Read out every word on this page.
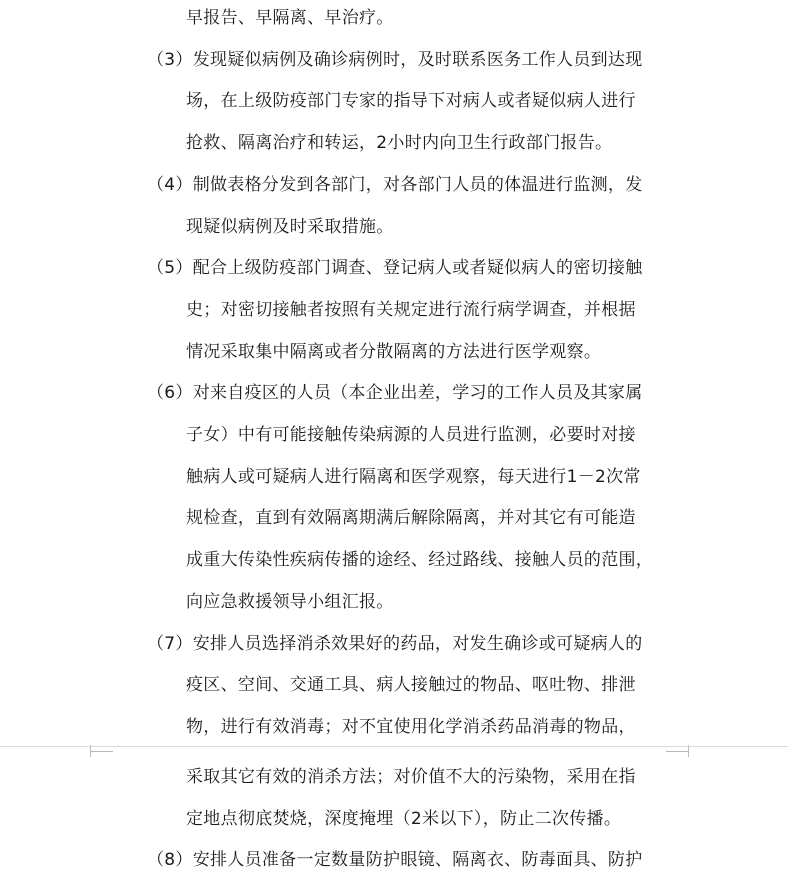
早报告、早隔离、早治疗。
（3）发现疑似病例及确诊病例时，及时联系医务工作人员到达现
场，在上级防疫部门专家的指导下对病人或者疑似病人进行
抢救、隔离治疗和转运，2小时内向卫生行政部门报告。
（4）制做表格分发到各部门，对各部门人员的体温进行监测，发
现疑似病例及时采取措施。
（5）配合上级防疫部门调查、登记病人或者疑似病人的密切接触
史；对密切接触者按照有关规定进行流行病学调查，并根据
情况采取集中隔离或者分散隔离的方法进行医学观察。
（6）对来自疫区的人员（本企业出差，学习的工作人员及其家属
子女）中有可能接触传染病源的人员进行监测，必要时对接
触病人或可疑病人进行隔离和医学观察，每天进行1－2次常
规检查，直到有效隔离期满后解除隔离，并对其它有可能造
成重大传染性疾病传播的途经、经过路线、接触人员的范围，
向应急救援领导小组汇报。
（7）安排人员选择消杀效果好的药品，对发生确诊或可疑病人的
疫区、空间、交通工具、病人接触过的物品、呕吐物、排泄
物，进行有效消毒；对不宜使用化学消杀药品消毒的物品，
采取其它有效的消杀方法；对价值不大的污染物，采用在指
定地点彻底焚烧，深度掩埋（2米以下），防止二次传播。
（8）安排人员准备一定数量防护眼镜、隔离衣、防毒面具、防护
